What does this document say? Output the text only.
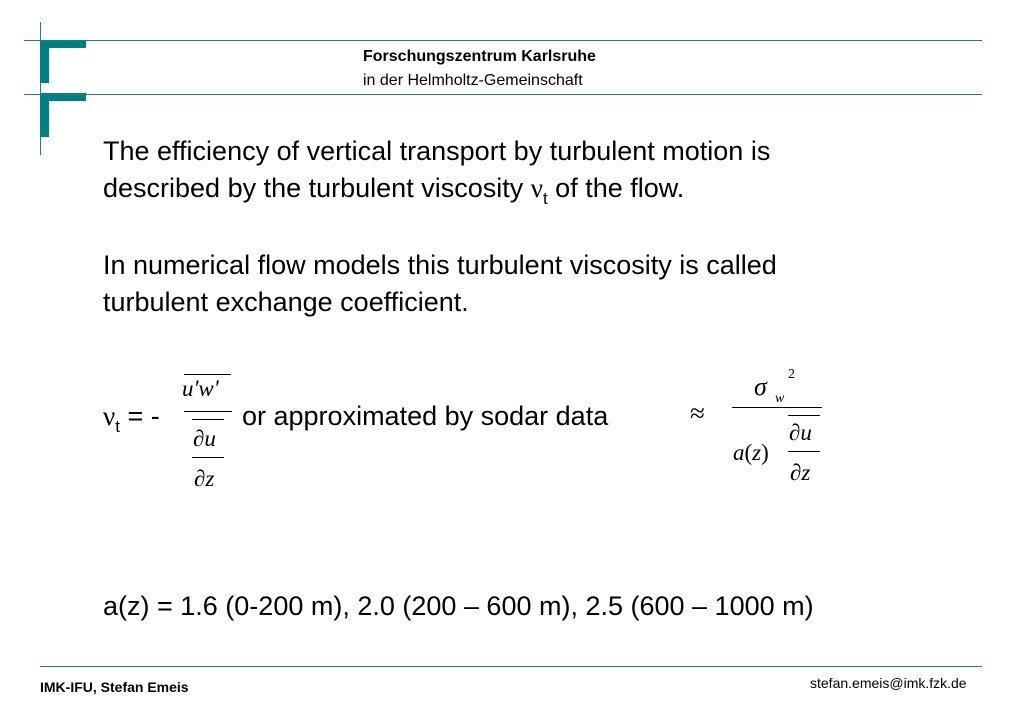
Forschungszentrum Karlsruhe
in der Helmholtz-Gemeinschaft
The efficiency of vertical transport by turbulent motion is
described by the turbulent viscosity $\nu_t$ of the flow.
In numerical flow models this turbulent viscosity is called
turbulent exchange coefficient.
$\nu_t$ = -
u'w'
∂u
∂z
or approximated by sodar data	≈
σ w
2
∂u
a(z)
∂z
a(z) = 1.6 (0-200 m), 2.0 (200 – 600 m), 2.5 (600 – 1000 m)
IMK-IFU, Stefan Emeis	stefan.emeis@imk.fzk.de
